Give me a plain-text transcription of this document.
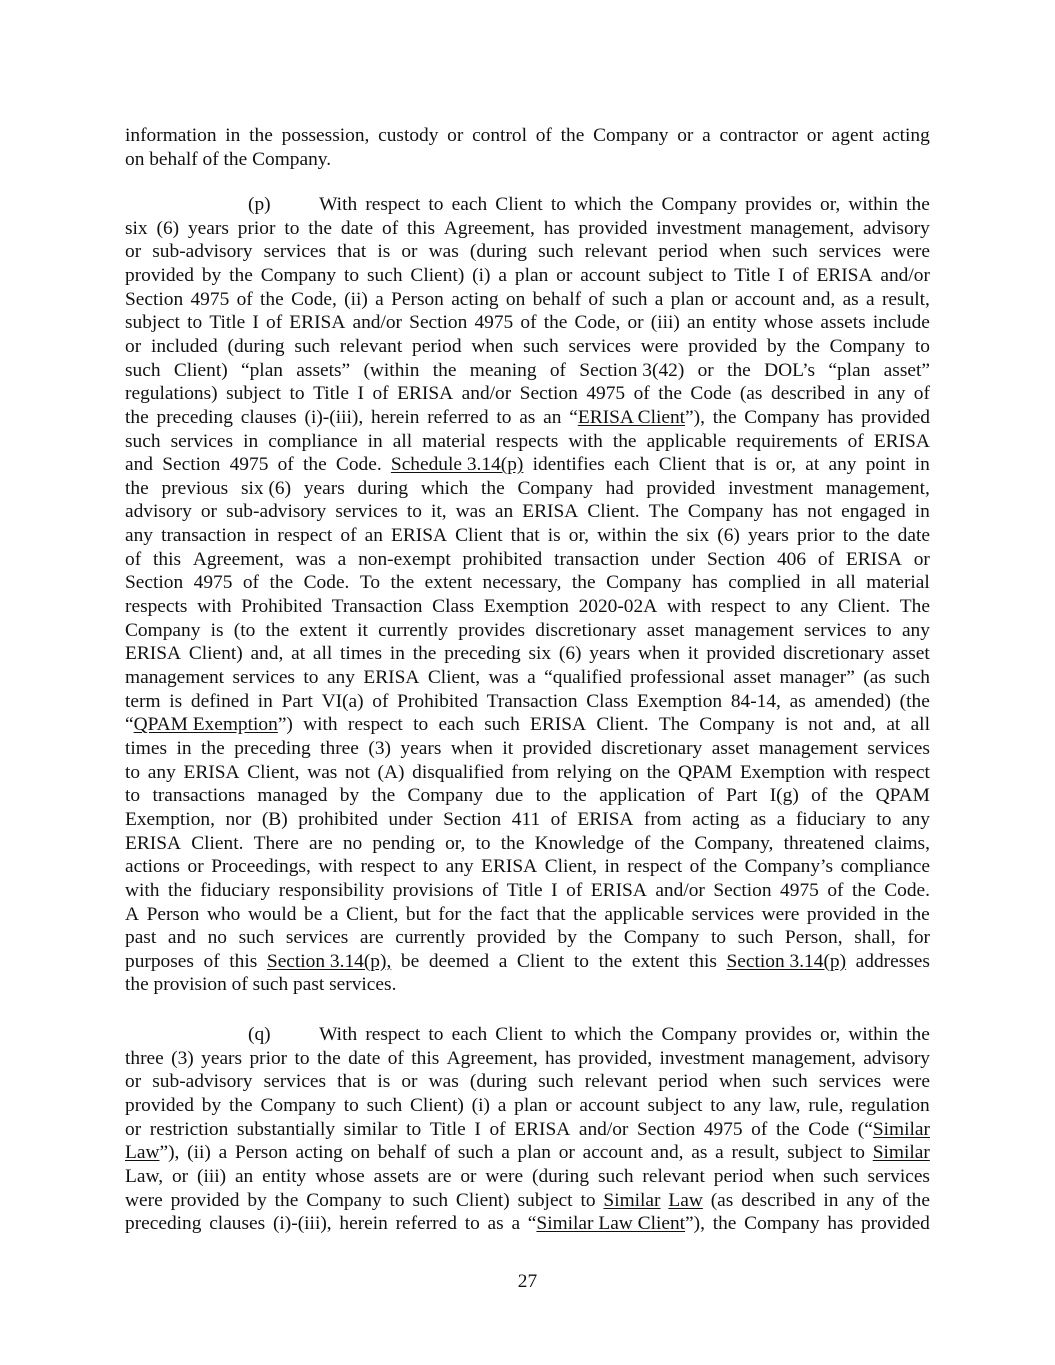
information in the possession, custody or control of the Company or a contractor or agent acting
on behalf of the Company.
(p)	With respect to each Client to which the Company provides or, within the
six (6) years prior to the date of this Agreement, has provided investment management, advisory
or sub-advisory services that is or was (during such relevant period when such services were
provided by the Company to such Client) (i) a plan or account subject to Title I of ERISA and/or
Section 4975 of the Code, (ii) a Person acting on behalf of such a plan or account and, as a result,
subject to Title I of ERISA and/or Section 4975 of the Code, or (iii) an entity whose assets include
or included (during such relevant period when such services were provided by the Company to
such Client) “plan assets” (within the meaning of Section 3(42) or the DOL’s “plan asset”
regulations) subject to Title I of ERISA and/or Section 4975 of the Code (as described in any of
the preceding clauses (i)-(iii), herein referred to as an “ERISA Client”), the Company has provided
such services in compliance in all material respects with the applicable requirements of ERISA
and Section 4975 of the Code. Schedule 3.14(p) identifies each Client that is or, at any point in
the previous six (6) years during which the Company had provided investment management,
advisory or sub-advisory services to it, was an ERISA Client. The Company has not engaged in
any transaction in respect of an ERISA Client that is or, within the six (6) years prior to the date
of this Agreement, was a non-exempt prohibited transaction under Section 406 of ERISA or
Section 4975 of the Code. To the extent necessary, the Company has complied in all material
respects with Prohibited Transaction Class Exemption 2020-02A with respect to any Client. The
Company is (to the extent it currently provides discretionary asset management services to any
ERISA Client) and, at all times in the preceding six (6) years when it provided discretionary asset
management services to any ERISA Client, was a “qualified professional asset manager” (as such
term is defined in Part VI(a) of Prohibited Transaction Class Exemption 84-14, as amended) (the
“QPAM Exemption”) with respect to each such ERISA Client. The Company is not and, at all
times in the preceding three (3) years when it provided discretionary asset management services
to any ERISA Client, was not (A) disqualified from relying on the QPAM Exemption with respect
to transactions managed by the Company due to the application of Part I(g) of the QPAM
Exemption, nor (B) prohibited under Section 411 of ERISA from acting as a fiduciary to any
ERISA Client. There are no pending or, to the Knowledge of the Company, threatened claims,
actions or Proceedings, with respect to any ERISA Client, in respect of the Company’s compliance
with the fiduciary responsibility provisions of Title I of ERISA and/or Section 4975 of the Code.
A Person who would be a Client, but for the fact that the applicable services were provided in the
past and no such services are currently provided by the Company to such Person, shall, for
purposes of this Section 3.14(p), be deemed a Client to the extent this Section 3.14(p) addresses
the provision of such past services.
(q)	With respect to each Client to which the Company provides or, within the
three (3) years prior to the date of this Agreement, has provided, investment management, advisory
or sub-advisory services that is or was (during such relevant period when such services were
provided by the Company to such Client) (i) a plan or account subject to any law, rule, regulation
or restriction substantially similar to Title I of ERISA and/or Section 4975 of the Code (“Similar
Law”), (ii) a Person acting on behalf of such a plan or account and, as a result, subject to Similar
Law, or (iii) an entity whose assets are or were (during such relevant period when such services
were provided by the Company to such Client) subject to Similar Law (as described in any of the
preceding clauses (i)-(iii), herein referred to as a “Similar Law Client”), the Company has provided
27
